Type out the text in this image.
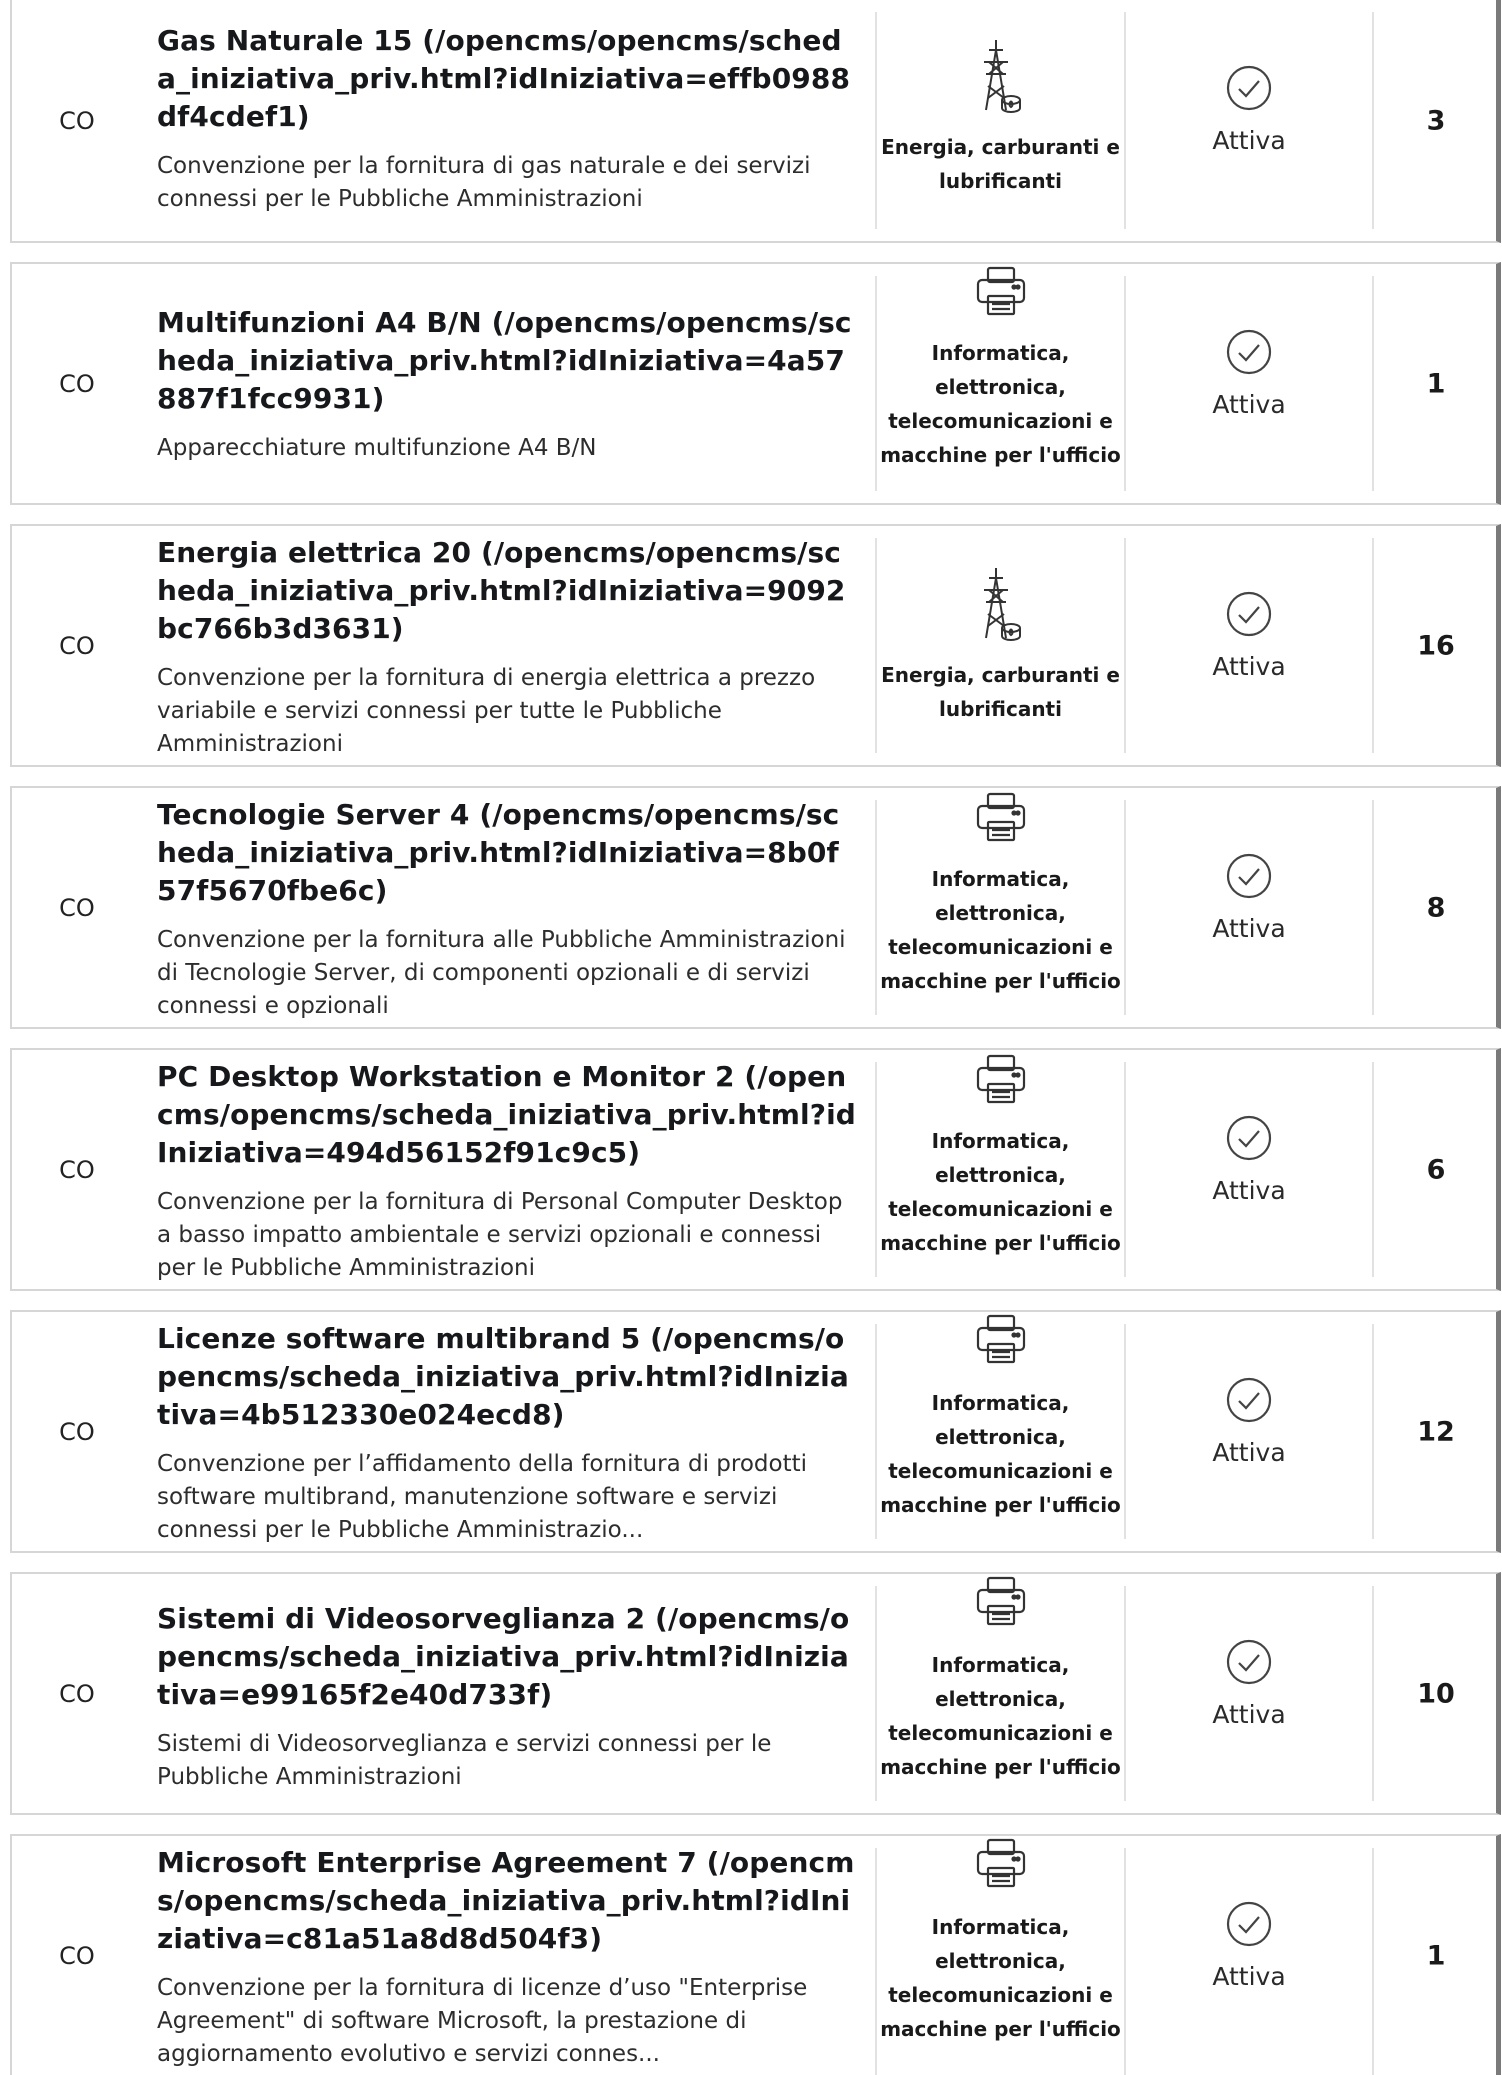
CO
Gas Naturale 15 (/opencms/opencms/scheda_iniziativa_priv.html?idIniziativa=effb0988df4cdef1)
Convenzione per la fornitura di gas naturale e dei servizi connessi per le Pubbliche Amministrazioni
Energia, carburanti e lubrificanti
Attiva
3
CO
Multifunzioni A4 B/N (/opencms/opencms/scheda_iniziativa_priv.html?idIniziativa=4a57887f1fcc9931)
Apparecchiature multifunzione A4 B/N
Informatica, elettronica, telecomunicazioni e macchine per l'ufficio
Attiva
1
CO
Energia elettrica 20 (/opencms/opencms/scheda_iniziativa_priv.html?idIniziativa=9092bc766b3d3631)
Convenzione per la fornitura di energia elettrica a prezzo variabile e servizi connessi per tutte le Pubbliche Amministrazioni
Energia, carburanti e lubrificanti
Attiva
16
CO
Tecnologie Server 4 (/opencms/opencms/scheda_iniziativa_priv.html?idIniziativa=8b0f57f5670fbe6c)
Convenzione per la fornitura alle Pubbliche Amministrazioni di Tecnologie Server, di componenti opzionali e di servizi connessi e opzionali
Informatica, elettronica, telecomunicazioni e macchine per l'ufficio
Attiva
8
CO
PC Desktop Workstation e Monitor 2 (/opencms/opencms/scheda_iniziativa_priv.html?idIniziativa=494d56152f91c9c5)
Convenzione per la fornitura di Personal Computer Desktop a basso impatto ambientale e servizi opzionali e connessi per le Pubbliche Amministrazioni
Informatica, elettronica, telecomunicazioni e macchine per l'ufficio
Attiva
6
CO
Licenze software multibrand 5 (/opencms/opencms/scheda_iniziativa_priv.html?idIniziativa=4b512330e024ecd8)
Convenzione per l’affidamento della fornitura di prodotti software multibrand, manutenzione software e servizi connessi per le Pubbliche Amministrazio...
Informatica, elettronica, telecomunicazioni e macchine per l'ufficio
Attiva
12
CO
Sistemi di Videosorveglianza 2 (/opencms/opencms/scheda_iniziativa_priv.html?idIniziativa=e99165f2e40d733f)
Sistemi di Videosorveglianza e servizi connessi per le Pubbliche Amministrazioni
Informatica, elettronica, telecomunicazioni e macchine per l'ufficio
Attiva
10
CO
Microsoft Enterprise Agreement 7 (/opencms/opencms/scheda_iniziativa_priv.html?idIniziativa=c81a51a8d8d504f3)
Convenzione per la fornitura di licenze d’uso "Enterprise Agreement" di software Microsoft, la prestazione di aggiornamento evolutivo e servizi connes...
Informatica, elettronica, telecomunicazioni e macchine per l'ufficio
Attiva
1
